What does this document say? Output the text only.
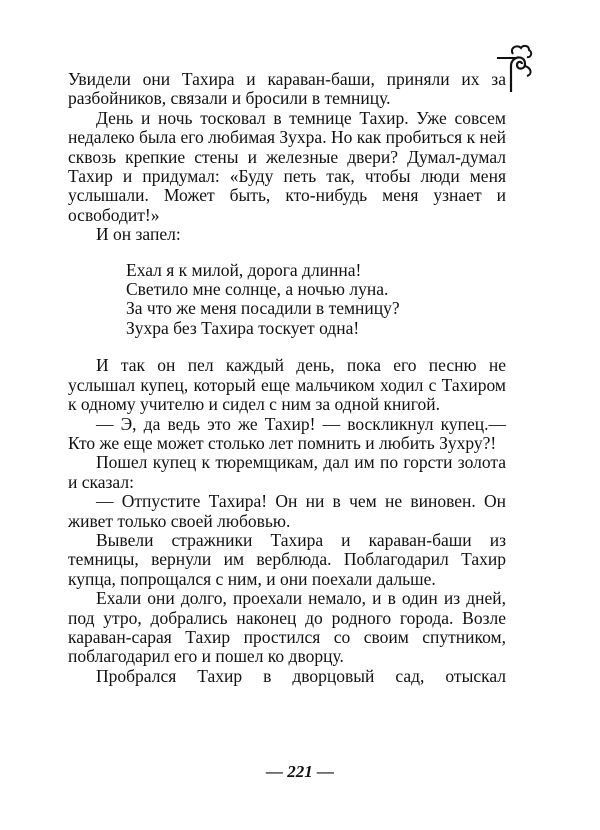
Увидели они Тахира и караван-баши, приняли их за разбойников, связали и бросили в темницу.

День и ночь тосковал в темнице Тахир. Уже совсем недалеко была его любимая Зухра. Но как пробиться к ней сквозь крепкие стены и железные двери? Думал-думал Тахир и придумал: «Буду петь так, чтобы люди меня услышали. Может быть, кто-нибудь меня узнает и освободит!»

И он запел:

Ехал я к милой, дорога длинна!
Светило мне солнце, а ночью луна.
За что же меня посадили в темницу?
Зухра без Тахира тоскует одна!

И так он пел каждый день, пока его песню не услышал купец, который еще мальчиком ходил с Тахиром к одному учителю и сидел с ним за одной книгой.

— Э, да ведь это же Тахир! — воскликнул купец.— Кто же еще может столько лет помнить и любить Зухру?!

Пошел купец к тюремщикам, дал им по горсти золота и сказал:

— Отпустите Тахира! Он ни в чем не виновен. Он живет только своей любовью.

Вывели стражники Тахира и караван-баши из темницы, вернули им верблюда. Поблагодарил Тахир купца, попрощался с ним, и они поехали дальше.

Ехали они долго, проехали немало, и в один из дней, под утро, добрались наконец до родного города. Возле караван-сарая Тахир простился со своим спутником, поблагодарил его и пошел ко дворцу.

Пробрался Тахир в дворцовый сад, отыскал

— 221 —
